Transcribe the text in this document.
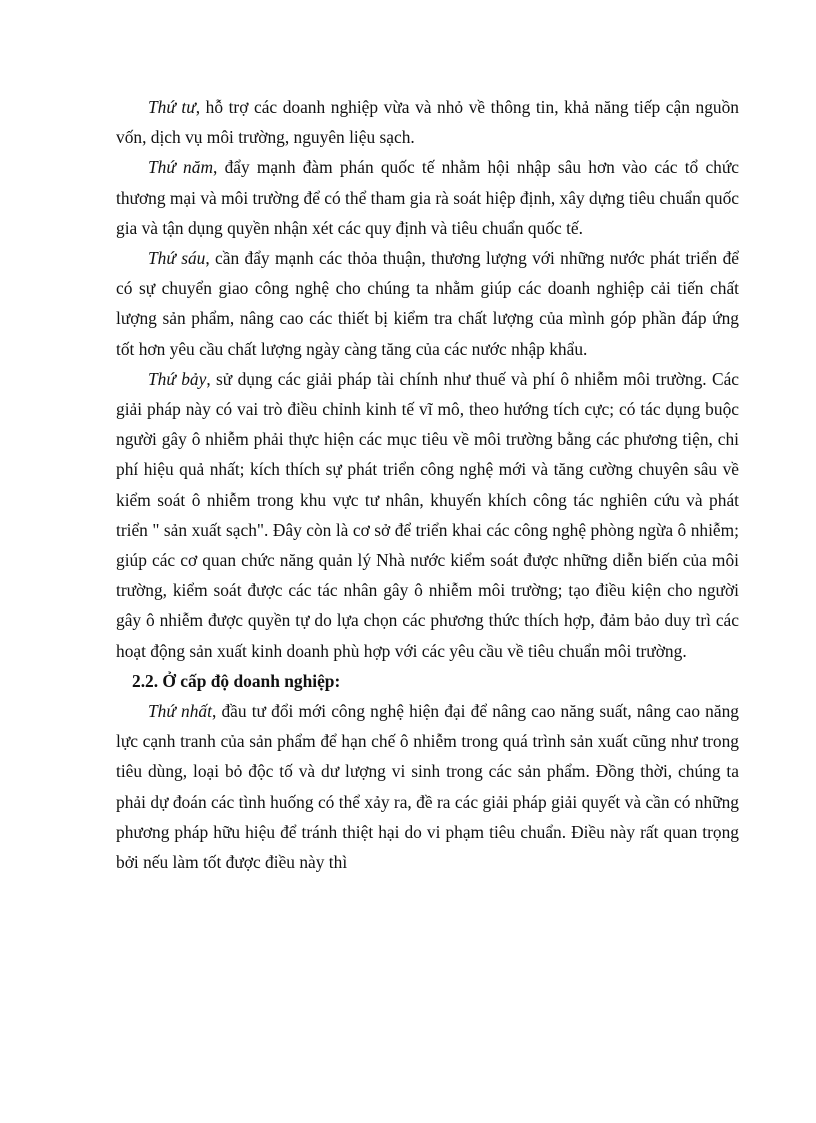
Thứ tư, hỗ trợ các doanh nghiệp vừa và nhỏ về thông tin, khả năng tiếp cận nguồn vốn, dịch vụ môi trường, nguyên liệu sạch.

Thứ năm, đẩy mạnh đàm phán quốc tế nhằm hội nhập sâu hơn vào các tổ chức thương mại và môi trường để có thể tham gia rà soát hiệp định, xây dựng tiêu chuẩn quốc gia và tận dụng quyền nhận xét các quy định và tiêu chuẩn quốc tế.

Thứ sáu, cần đẩy mạnh các thỏa thuận, thương lượng với những nước phát triển để có sự chuyển giao công nghệ cho chúng ta nhằm giúp các doanh nghiệp cải tiến chất lượng sản phẩm, nâng cao các thiết bị kiểm tra chất lượng của mình góp phần đáp ứng tốt hơn yêu cầu chất lượng ngày càng tăng của các nước nhập khẩu.

Thứ bảy, sử dụng các giải pháp tài chính như thuế và phí ô nhiễm môi trường. Các giải pháp này có vai trò điều chỉnh kinh tế vĩ mô, theo hướng tích cực; có tác dụng buộc người gây ô nhiễm phải thực hiện các mục tiêu về môi trường bằng các phương tiện, chi phí hiệu quả nhất; kích thích sự phát triển công nghệ mới và tăng cường chuyên sâu về kiểm soát ô nhiễm trong khu vực tư nhân, khuyến khích công tác nghiên cứu và phát triển " sản xuất sạch". Đây còn là cơ sở để triển khai các công nghệ phòng ngừa ô nhiễm; giúp các cơ quan chức năng quản lý Nhà nước kiểm soát được những diễn biến của môi trường, kiểm soát được các tác nhân gây ô nhiễm môi trường; tạo điều kiện cho người gây ô nhiễm được quyền tự do lựa chọn các phương thức thích hợp, đảm bảo duy trì các hoạt động sản xuất kinh doanh phù hợp với các yêu cầu về tiêu chuẩn môi trường.

2.2. Ở cấp độ doanh nghiệp:

Thứ nhất, đầu tư đổi mới công nghệ hiện đại để nâng cao năng suất, nâng cao năng lực cạnh tranh của sản phẩm để hạn chế ô nhiễm trong quá trình sản xuất cũng như trong tiêu dùng, loại bỏ độc tố và dư lượng vi sinh trong các sản phẩm. Đồng thời, chúng ta phải dự đoán các tình huống có thể xảy ra, đề ra các giải pháp giải quyết và cần có những phương pháp hữu hiệu để tránh thiệt hại do vi phạm tiêu chuẩn. Điều này rất quan trọng bởi nếu làm tốt được điều này thì
